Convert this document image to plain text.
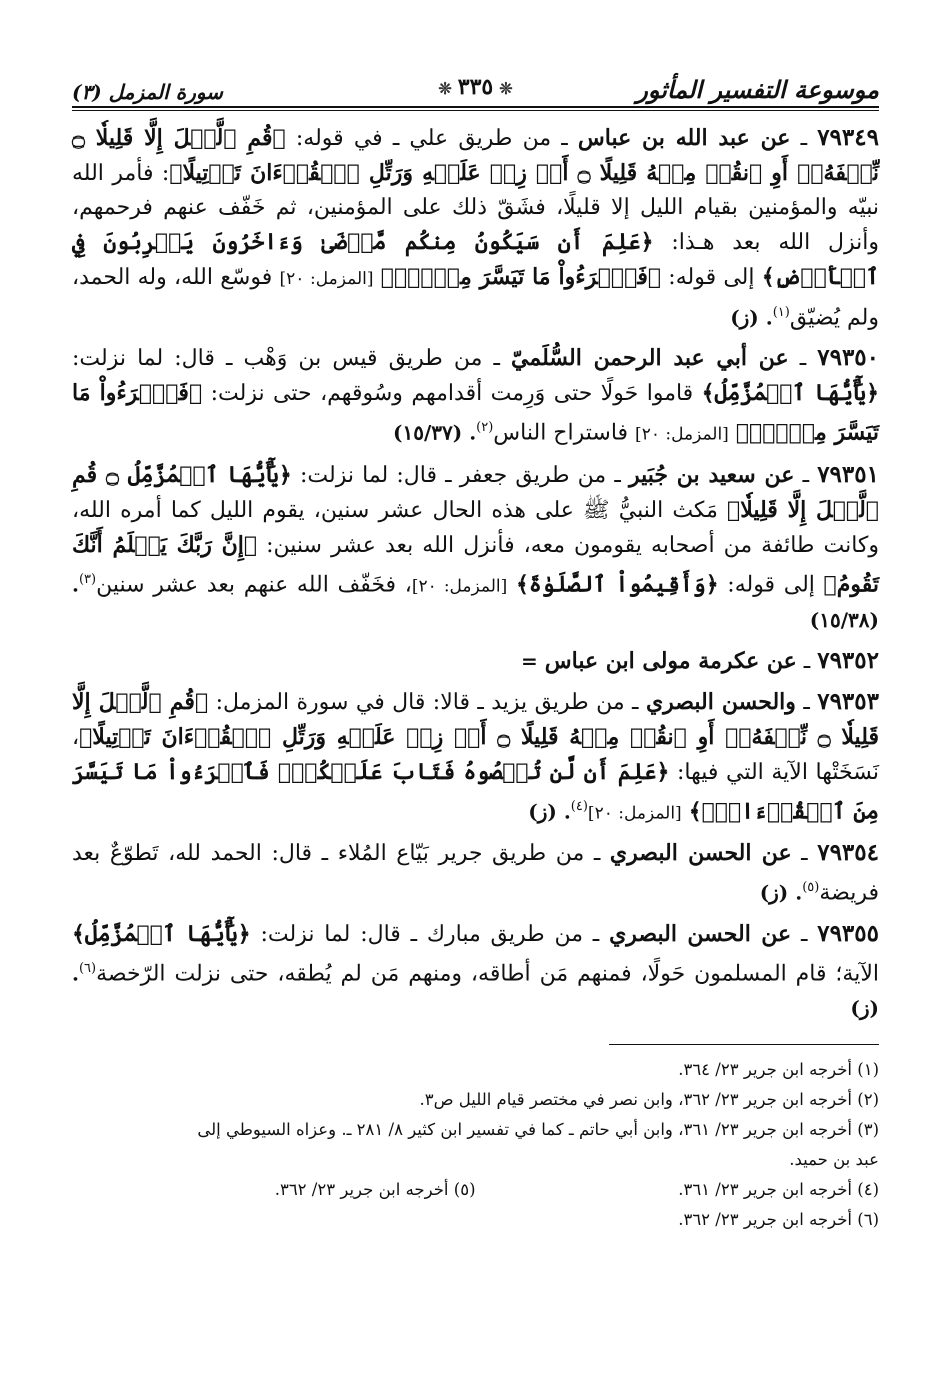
موسوعة التفسير المأثور
❊٣٣٥❊
سورة المزمل (٣)

٧٩٣٤٩ ـ عن عبد الله بن عباس ـ من طريق علي ـ في قوله: ﴿قُمِ ٱلَّيۡلَ إِلَّا قَلِيلٗا ۝ نِّصۡفَهُۥٓ أَوِ ٱنقُصۡ مِنۡهُ قَلِيلًا ۝ أَوۡ زِدۡ عَلَيۡهِ وَرَتِّلِ ٱلۡقُرۡءَانَ تَرۡتِيلًا﴾: فأمر الله نبيّه والمؤمنين بقيام الليل إلا قليلًا، فشَقّ ذلك على المؤمنين، ثم خَفّف عنهم فرحمهم، وأنزل الله بعد هـذا: ﴿عَلِمَ أَن سَيَكُونُ مِنكُم مَّرۡضَىٰ وَءَاخَرُونَ يَضۡرِبُونَ فِي ٱلۡأَرۡضِ﴾ إلى قوله: ﴿فَٱقۡرَءُواْ مَا تَيَسَّرَ مِنۡهُۚ﴾ [المزمل: ٢٠] فوسّع الله، وله الحمد، ولم يُضيّق$^{(١)}$. (ز)

٧٩٣٥٠ ـ عن أبي عبد الرحمن السُّلَميّ ـ من طريق قيس بن وَهْب ـ قال: لما نزلت: ﴿يَٰٓأَيُّهَا ٱلۡمُزَّمِّلُ﴾ قاموا حَولًا حتى وَرِمت أقدامهم وسُوقهم، حتى نزلت: ﴿فَٱقۡرَءُواْ مَا تَيَسَّرَ مِنۡهُۚ﴾ [المزمل: ٢٠] فاستراح الناس$^{(٢)}$. (١٥/٣٧)

٧٩٣٥١ ـ عن سعيد بن جُبَير ـ من طريق جعفر ـ قال: لما نزلت: ﴿يَٰٓأَيُّهَا ٱلۡمُزَّمِّلُ ۝ قُمِ ٱلَّيۡلَ إِلَّا قَلِيلٗا﴾ مَكث النبيُّ ﷺ على هذه الحال عشر سنين، يقوم الليل كما أمره الله، وكانت طائفة من أصحابه يقومون معه، فأنزل الله بعد عشر سنين: ﴿إِنَّ رَبَّكَ يَعۡلَمُ أَنَّكَ تَقُومُ﴾ إلى قوله: ﴿وَأَقِيمُواْ ٱلصَّلَوٰةَ﴾ [المزمل: ٢٠]، فخَفّف الله عنهم بعد عشر سنين$^{(٣)}$. (١٥/٣٨)

٧٩٣٥٢ ـ عن عكرمة مولى ابن عباس =

٧٩٣٥٣ ـ والحسن البصري ـ من طريق يزيد ـ قالا: قال في سورة المزمل: ﴿قُمِ ٱلَّيۡلَ إِلَّا قَلِيلٗا ۝ نِّصۡفَهُۥٓ أَوِ ٱنقُصۡ مِنۡهُ قَلِيلًا ۝ أَوۡ زِدۡ عَلَيۡهِ وَرَتِّلِ ٱلۡقُرۡءَانَ تَرۡتِيلًا﴾، نَسَخَتْها الآية التي فيها: ﴿عَلِمَ أَن لَّن تُحۡصُوهُ فَتَابَ عَلَيۡكُمۡۖ فَٱقۡرَءُواْ مَا تَيَسَّرَ مِنَ ٱلۡقُرۡءَانِۚ﴾ [المزمل: ٢٠]$^{(٤)}$. (ز)

٧٩٣٥٤ ـ عن الحسن البصري ـ من طريق جرير بَيّاع المُلاء ـ قال: الحمد لله، تَطوّعٌ بعد فريضة$^{(٥)}$. (ز)

٧٩٣٥٥ ـ عن الحسن البصري ـ من طريق مبارك ـ قال: لما نزلت: ﴿يَٰٓأَيُّهَا ٱلۡمُزَّمِّلُ﴾ الآية؛ قام المسلمون حَولًا، فمنهم مَن أطاقه، ومنهم مَن لم يُطقه، حتى نزلت الرّخصة$^{(٦)}$. (ز)

(١) أخرجه ابن جرير ٢٣/ ٣٦٤.

(٢) أخرجه ابن جرير ٢٣/ ٣٦٢، وابن نصر في مختصر قيام الليل ص٣.

(٣) أخرجه ابن جرير ٢٣/ ٣٦١، وابن أبي حاتم ـ كما في تفسير ابن كثير ٨/ ٢٨١ ـ. وعزاه السيوطي إلى

عبد بن حميد.

(٤) أخرجه ابن جرير ٢٣/ ٣٦١.

(٥) أخرجه ابن جرير ٢٣/ ٣٦٢.

(٦) أخرجه ابن جرير ٢٣/ ٣٦٢.
